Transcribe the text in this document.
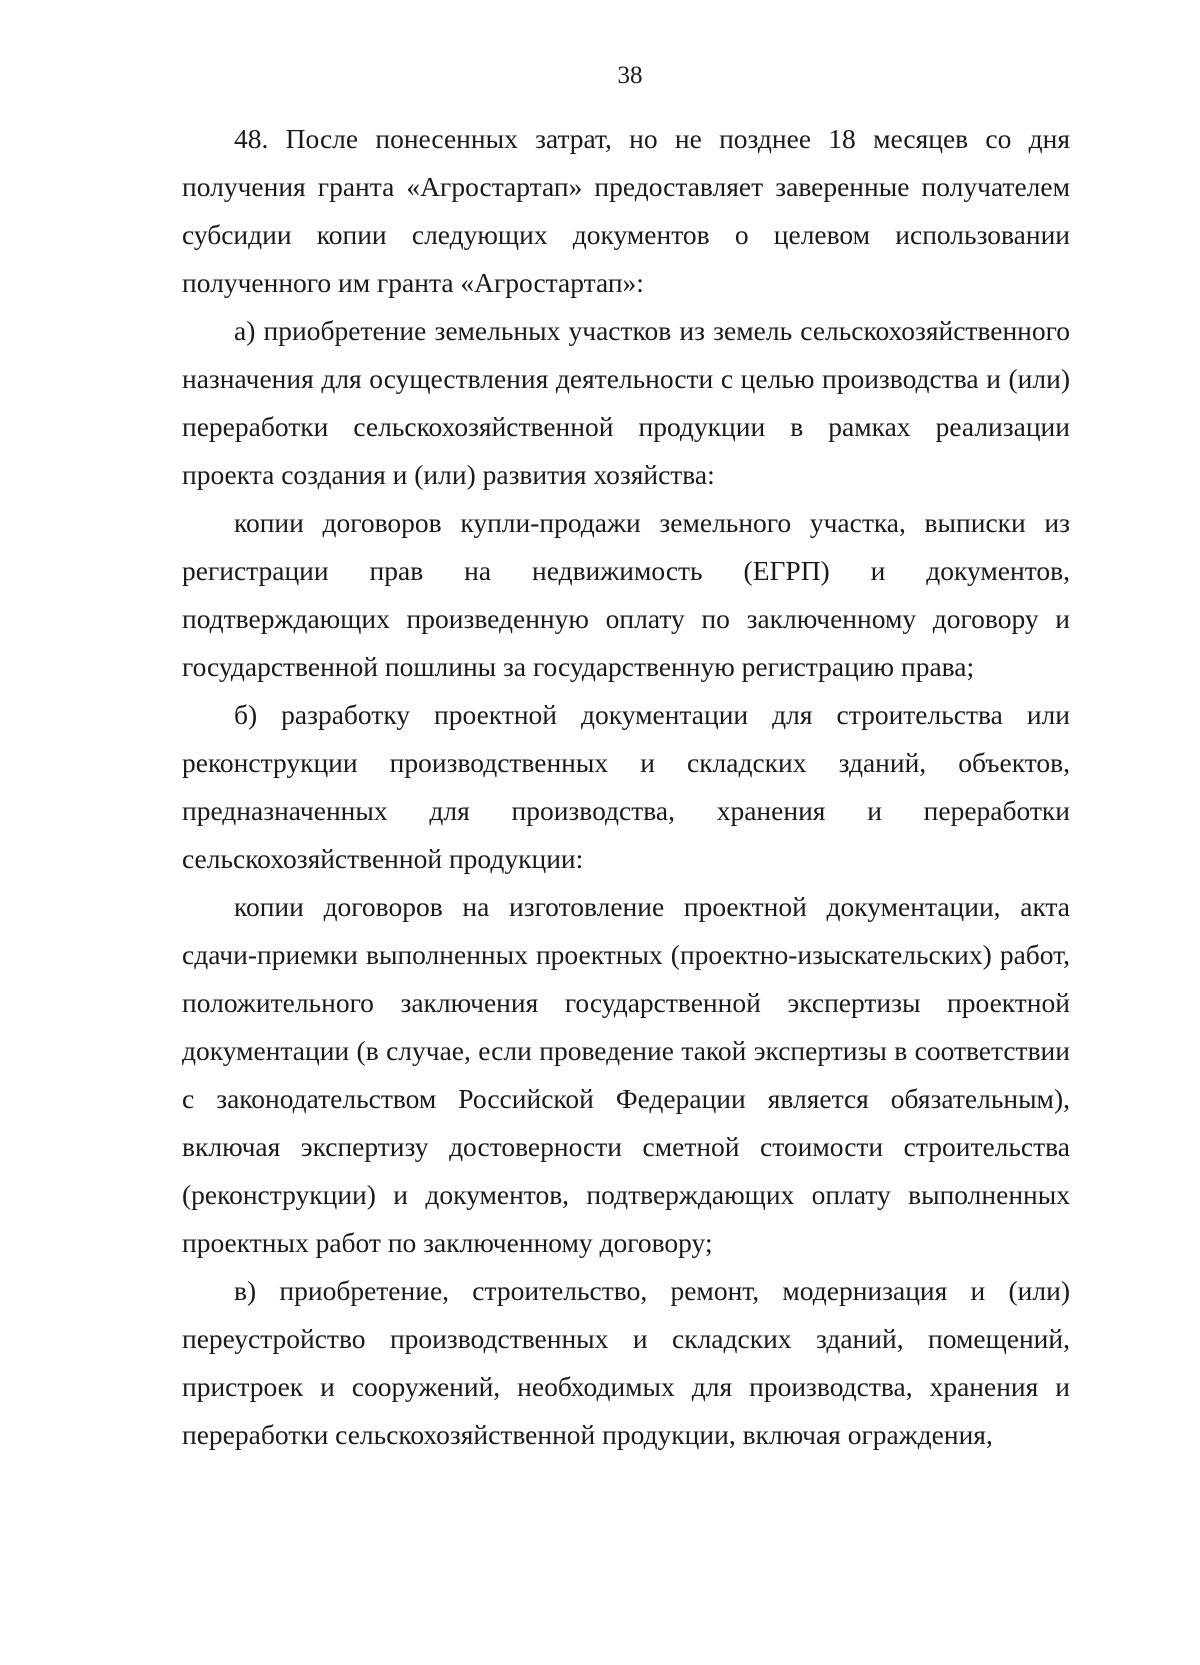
38

48. После понесенных затрат, но не позднее 18 месяцев со дня получения гранта «Агростартап» предоставляет заверенные получателем субсидии копии следующих документов о целевом использовании полученного им гранта «Агростартап»:

а) приобретение земельных участков из земель сельскохозяйственного назначения для осуществления деятельности с целью производства и (или) переработки сельскохозяйственной продукции в рамках реализации проекта создания и (или) развития хозяйства:

копии договоров купли-продажи земельного участка, выписки из регистрации прав на недвижимость (ЕГРП) и документов, подтверждающих произведенную оплату по заключенному договору и государственной пошлины за государственную регистрацию права;

б) разработку проектной документации для строительства или реконструкции производственных и складских зданий, объектов, предназначенных для производства, хранения и переработки сельскохозяйственной продукции:

копии договоров на изготовление проектной документации, акта сдачи-приемки выполненных проектных (проектно-изыскательских) работ, положительного заключения государственной экспертизы проектной документации (в случае, если проведение такой экспертизы в соответствии с законодательством Российской Федерации является обязательным), включая экспертизу достоверности сметной стоимости строительства (реконструкции) и документов, подтверждающих оплату выполненных проектных работ по заключенному договору;

в) приобретение, строительство, ремонт, модернизация и (или) переустройство производственных и складских зданий, помещений, пристроек и сооружений, необходимых для производства, хранения и переработки сельскохозяйственной продукции, включая ограждения,
